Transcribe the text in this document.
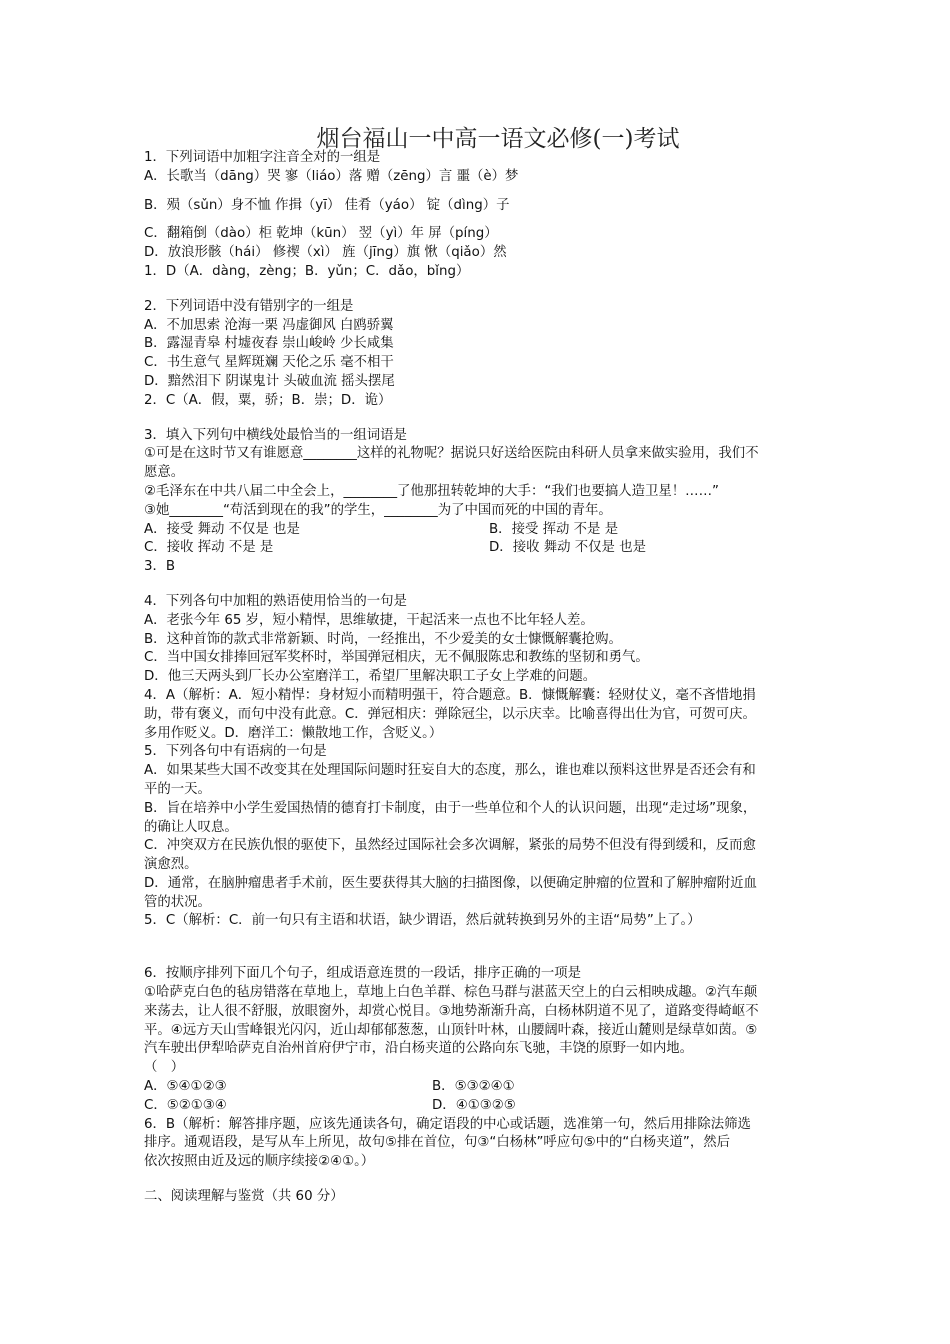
烟台福山一中高一语文必修(一)考试

1．下列词语中加粗字注音全对的一组是

A．长歌当（dāng）哭 寥（liáo）落 赠（zēng）言 噩（è）梦

B．殒（sǔn）身不恤 作揖（yī） 佳肴（yáo） 锭（dìng）子

C．翻箱倒（dào）柜 乾坤（kūn） 翌（yì）年 屏（píng）

D．放浪形骸（hái） 修禊（xì） 旌（jīng）旗 愀（qiǎo）然

1．D（A．dàng，zèng；B．yǔn；C．dǎo，bǐng）

2．下列词语中没有错别字的一组是

A．不加思索 沧海一栗 冯虚御风 白鸥骄翼

B．露湿青皋 村墟夜舂 崇山峻岭 少长咸集

C．书生意气 星辉斑斓 天伦之乐 毫不相干

D．黯然泪下 阴谋鬼计 头破血流 摇头摆尾

2．C（A．假，粟，骄；B．崇；D．诡）

3．填入下列句中横线处最恰当的一组词语是

①可是在这时节又有谁愿意________这样的礼物呢？据说只好送给医院由科研人员拿来做实验用，我们不

愿意。

②毛泽东在中共八届二中全会上，________了他那扭转乾坤的大手：“我们也要搞人造卫星！……”

③她________“苟活到现在的我”的学生，________为了中国而死的中国的青年。

A．接受 舞动 不仅是 也是	B．接受 挥动 不是 是
C．接收 挥动 不是 是	D．接收 舞动 不仅是 也是

3．B

4．下列各句中加粗的熟语使用恰当的一句是

A．老张今年 65 岁，短小精悍，思维敏捷，干起活来一点也不比年轻人差。

B．这种首饰的款式非常新颖、时尚，一经推出，不少爱美的女士慷慨解囊抢购。

C．当中国女排捧回冠军奖杯时，举国弹冠相庆，无不佩服陈忠和教练的坚韧和勇气。

D．他三天两头到厂长办公室磨洋工，希望厂里解决职工子女上学难的问题。

4．A（解析：A．短小精悍：身材短小而精明强干，符合题意。B．慷慨解囊：轻财仗义，毫不吝惜地捐

助，带有褒义，而句中没有此意。C．弹冠相庆：弹除冠尘，以示庆幸。比喻喜得出仕为官，可贺可庆。

多用作贬义。D．磨洋工：懒散地工作，含贬义。）

5．下列各句中有语病的一句是

A．如果某些大国不改变其在处理国际问题时狂妄自大的态度，那么，谁也难以预料这世界是否还会有和

平的一天。

B．旨在培养中小学生爱国热情的德育打卡制度，由于一些单位和个人的认识问题，出现“走过场”现象，

的确让人叹息。

C．冲突双方在民族仇恨的驱使下，虽然经过国际社会多次调解，紧张的局势不但没有得到缓和，反而愈

演愈烈。

D．通常，在脑肿瘤患者手术前，医生要获得其大脑的扫描图像，以便确定肿瘤的位置和了解肿瘤附近血

管的状况。

5．C（解析：C．前一句只有主语和状语，缺少谓语，然后就转换到另外的主语“局势”上了。）

6．按顺序排列下面几个句子，组成语意连贯的一段话，排序正确的一项是

①哈萨克白色的毡房错落在草地上，草地上白色羊群、棕色马群与湛蓝天空上的白云相映成趣。②汽车颠

来荡去，让人很不舒服，放眼窗外，却赏心悦目。③地势渐渐升高，白杨林阴道不见了，道路变得崎岖不

平。④远方天山雪峰银光闪闪，近山却郁郁葱葱，山顶针叶林，山腰阔叶森，接近山麓则是绿草如茵。⑤

汽车驶出伊犁哈萨克自治州首府伊宁市，沿白杨夹道的公路向东飞驰，丰饶的原野一如内地。

（　）

A．⑤④①②③	B．⑤③②④①
C．⑤②①③④	D．④①③②⑤

6．B（解析：解答排序题，应该先通读各句，确定语段的中心或话题，选准第一句，然后用排除法筛选

排序。通观语段，是写从车上所见，故句⑤排在首位，句③“白杨林”呼应句⑤中的“白杨夹道”，然后

依次按照由近及远的顺序续接②④①。）

二、阅读理解与鉴赏（共 60 分）
